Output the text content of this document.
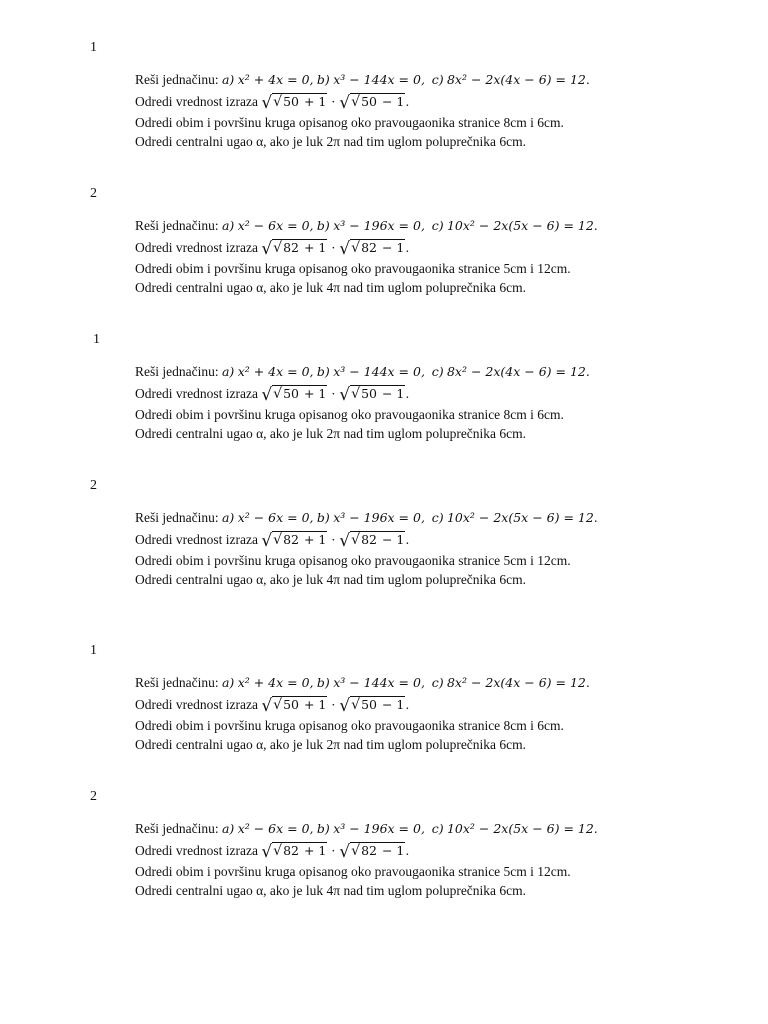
1
Reši jednačinu: a) x² + 4x = 0, b) x³ − 144x = 0, c) 8x² − 2x(4x − 6) = 12.
Odredi vrednost izraza √√50 + 1 · √√50 − 1.
Odredi obim i površinu kruga opisanog oko pravougaonika stranice 8cm i 6cm.
Odredi centralni ugao α, ako je luk 2π nad tim uglom poluprečnika 6cm.
2
Reši jednačinu: a) x² − 6x = 0, b) x³ − 196x = 0, c) 10x² − 2x(5x − 6) = 12.
Odredi vrednost izraza √√82 + 1 · √√82 − 1.
Odredi obim i površinu kruga opisanog oko pravougaonika stranice 5cm i 12cm.
Odredi centralni ugao α, ako je luk 4π nad tim uglom poluprečnika 6cm.
1
Reši jednačinu: a) x² + 4x = 0, b) x³ − 144x = 0, c) 8x² − 2x(4x − 6) = 12.
Odredi vrednost izraza √√50 + 1 · √√50 − 1.
Odredi obim i površinu kruga opisanog oko pravougaonika stranice 8cm i 6cm.
Odredi centralni ugao α, ako je luk 2π nad tim uglom poluprečnika 6cm.
2
Reši jednačinu: a) x² − 6x = 0, b) x³ − 196x = 0, c) 10x² − 2x(5x − 6) = 12.
Odredi vrednost izraza √√82 + 1 · √√82 − 1.
Odredi obim i površinu kruga opisanog oko pravougaonika stranice 5cm i 12cm.
Odredi centralni ugao α, ako je luk 4π nad tim uglom poluprečnika 6cm.
1
Reši jednačinu: a) x² + 4x = 0, b) x³ − 144x = 0, c) 8x² − 2x(4x − 6) = 12.
Odredi vrednost izraza √√50 + 1 · √√50 − 1.
Odredi obim i površinu kruga opisanog oko pravougaonika stranice 8cm i 6cm.
Odredi centralni ugao α, ako je luk 2π nad tim uglom poluprečnika 6cm.
2
Reši jednačinu: a) x² − 6x = 0, b) x³ − 196x = 0, c) 10x² − 2x(5x − 6) = 12.
Odredi vrednost izraza √√82 + 1 · √√82 − 1.
Odredi obim i površinu kruga opisanog oko pravougaonika stranice 5cm i 12cm.
Odredi centralni ugao α, ako je luk 4π nad tim uglom poluprečnika 6cm.
